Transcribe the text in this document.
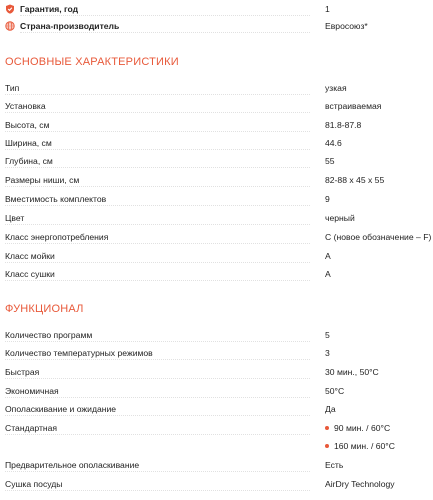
Гарантия, год	1
Страна-производитель	Евросоюз*
ОСНОВНЫЕ ХАРАКТЕРИСТИКИ
Тип	узкая
Установка	встраиваемая
Высота, см	81.8-87.8
Ширина, см	44.6
Глубина, см	55
Размеры ниши, см	82-88 x 45 x 55
Вместимость комплектов	9
Цвет	черный
Класс энергопотребления	C (новое обозначение – F)
Класс мойки	A
Класс сушки	A
ФУНКЦИОНАЛ
Количество программ	5
Количество температурных режимов	3
Быстрая	30 мин., 50°C
Экономичная	50°C
Ополаскивание и ожидание	Да
Стандартная	90 мин. / 60°C
160 мин. / 60°C
Предварительное ополаскивание	Есть
Сушка посуды	AirDry Technology
